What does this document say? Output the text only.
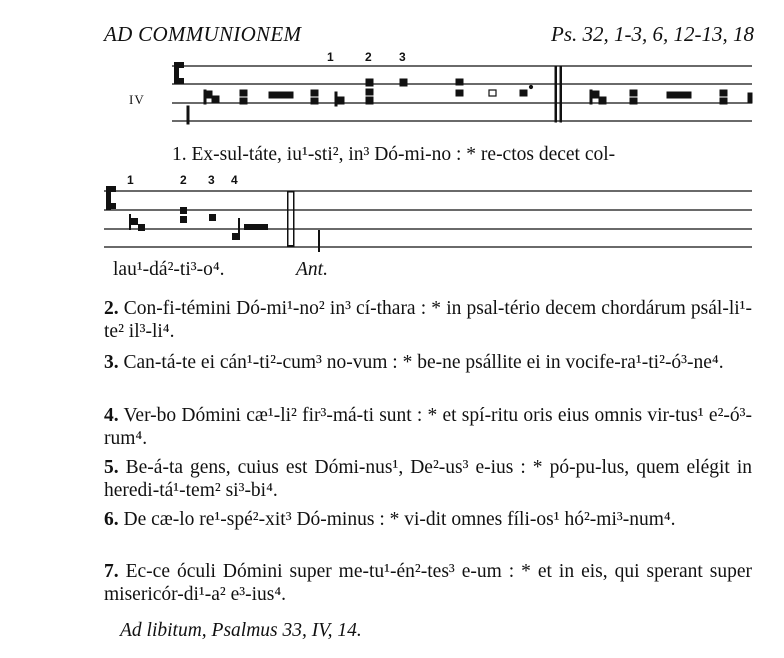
AD COMMUNIONEM	Ps. 32, 1-3, 6, 12-13, 18
IV
1	2 3
1	2 3 4
1. Ex-sul-táte, iu¹-sti², in³ Dó-mi-no : * re-ctos decet col-
lau¹-dá²-ti³-o⁴.	Ant.
2. Con-fi-témini Dó-mi¹-no² in³ cí-thara : * in psal-tério decem chordárum psál-li¹-te² il³-li⁴.
3. Can-tá-te ei cán¹-ti²-cum³ no-vum : * be-ne psállite ei in vocife-ra¹-ti²-ó³-ne⁴.
4. Ver-bo Dómini cæ¹-li² fir³-má-ti sunt : * et spí-ritu oris eius omnis vir-tus¹ e²-ó³-rum⁴.
5. Be-á-ta gens, cuius est Dómi-nus¹, De²-us³ e-ius : * pó-pu-lus, quem elégit in heredi-tá¹-tem² si³-bi⁴.
6. De cæ-lo re¹-spé²-xit³ Dó-minus : * vi-dit omnes fíli-os¹ hó²-mi³-num⁴.
7. Ec-ce óculi Dómini super me-tu¹-én²-tes³ e-um : * et in eis, qui sperant super misericór-di¹-a² e³-ius⁴.
Ad libitum, Psalmus 33, IV, 14.
